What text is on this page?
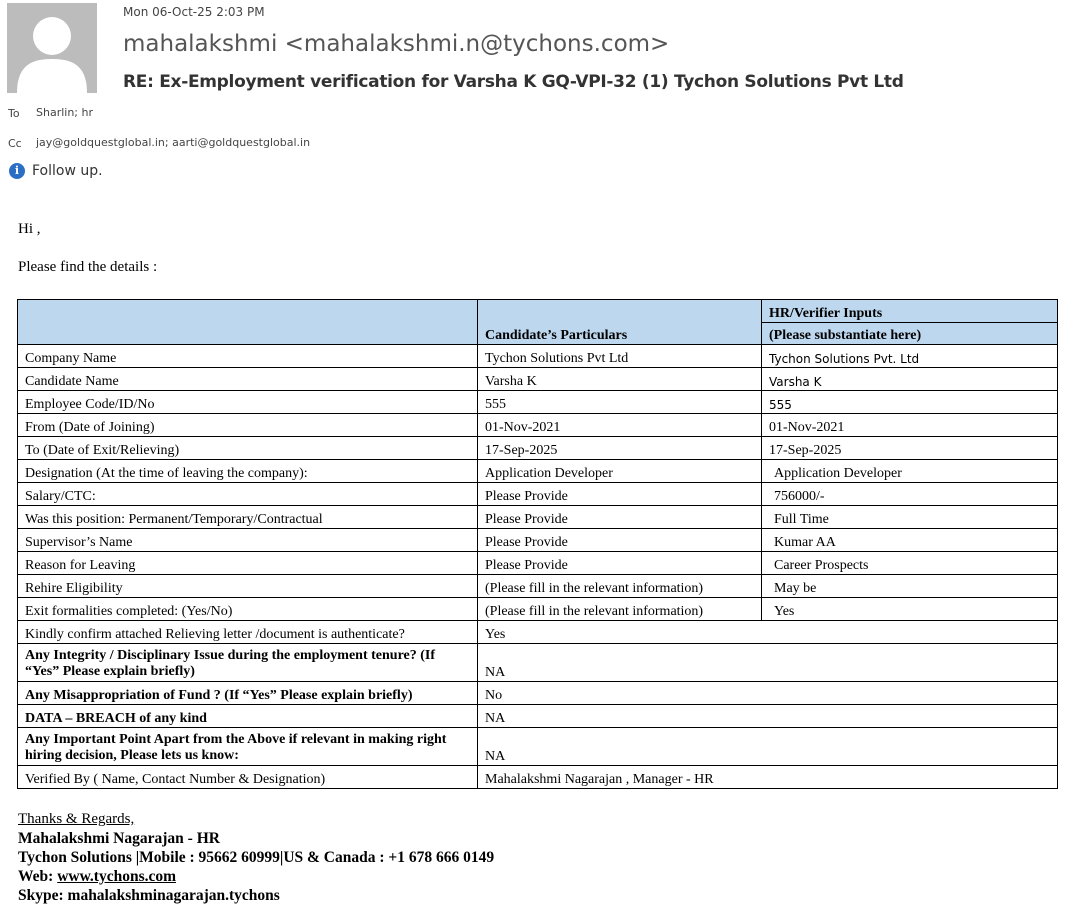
Mon 06-Oct-25 2:03 PM
mahalakshmi <mahalakshmi.n@tychons.com>
RE: Ex-Employment verification for Varsha K GQ-VPI-32 (1) Tychon Solutions Pvt Ltd
To Sharlin; hr
Cc jay@goldquestglobal.in; aarti@goldquestglobal.in
i Follow up.
Hi ,
Please find the details :
	Candidate’s Particulars	HR/Verifier Inputs
		(Please substantiate here)
Company Name	Tychon Solutions Pvt Ltd	Tychon Solutions Pvt. Ltd
Candidate Name	Varsha K	Varsha K
Employee Code/ID/No	555	555
From (Date of Joining)	01-Nov-2021	01-Nov-2021
To (Date of Exit/Relieving)	17-Sep-2025	17-Sep-2025
Designation (At the time of leaving the company):	Application Developer	Application Developer
Salary/CTC:	Please Provide	756000/-
Was this position: Permanent/Temporary/Contractual	Please Provide	Full Time
Supervisor’s Name	Please Provide	Kumar AA
Reason for Leaving	Please Provide	Career Prospects
Rehire Eligibility	(Please fill in the relevant information)	May be
Exit formalities completed: (Yes/No)	(Please fill in the relevant information)	Yes
Kindly confirm attached Relieving letter /document is authenticate?	Yes	
Any Integrity / Disciplinary Issue during the employment tenure? (If “Yes” Please explain briefly)	NA	
Any Misappropriation of Fund ? (If “Yes” Please explain briefly)	No	
DATA – BREACH of any kind	NA	
Any Important Point Apart from the Above if relevant in making right hiring decision, Please lets us know:	NA	
Verified By ( Name, Contact Number & Designation)	Mahalakshmi Nagarajan , Manager - HR	
Thanks & Regards,
Mahalakshmi Nagarajan - HR
Tychon Solutions |Mobile : 95662 60999|US & Canada : +1 678 666 0149
Web: www.tychons.com
Skype: mahalakshminagarajan.tychons
